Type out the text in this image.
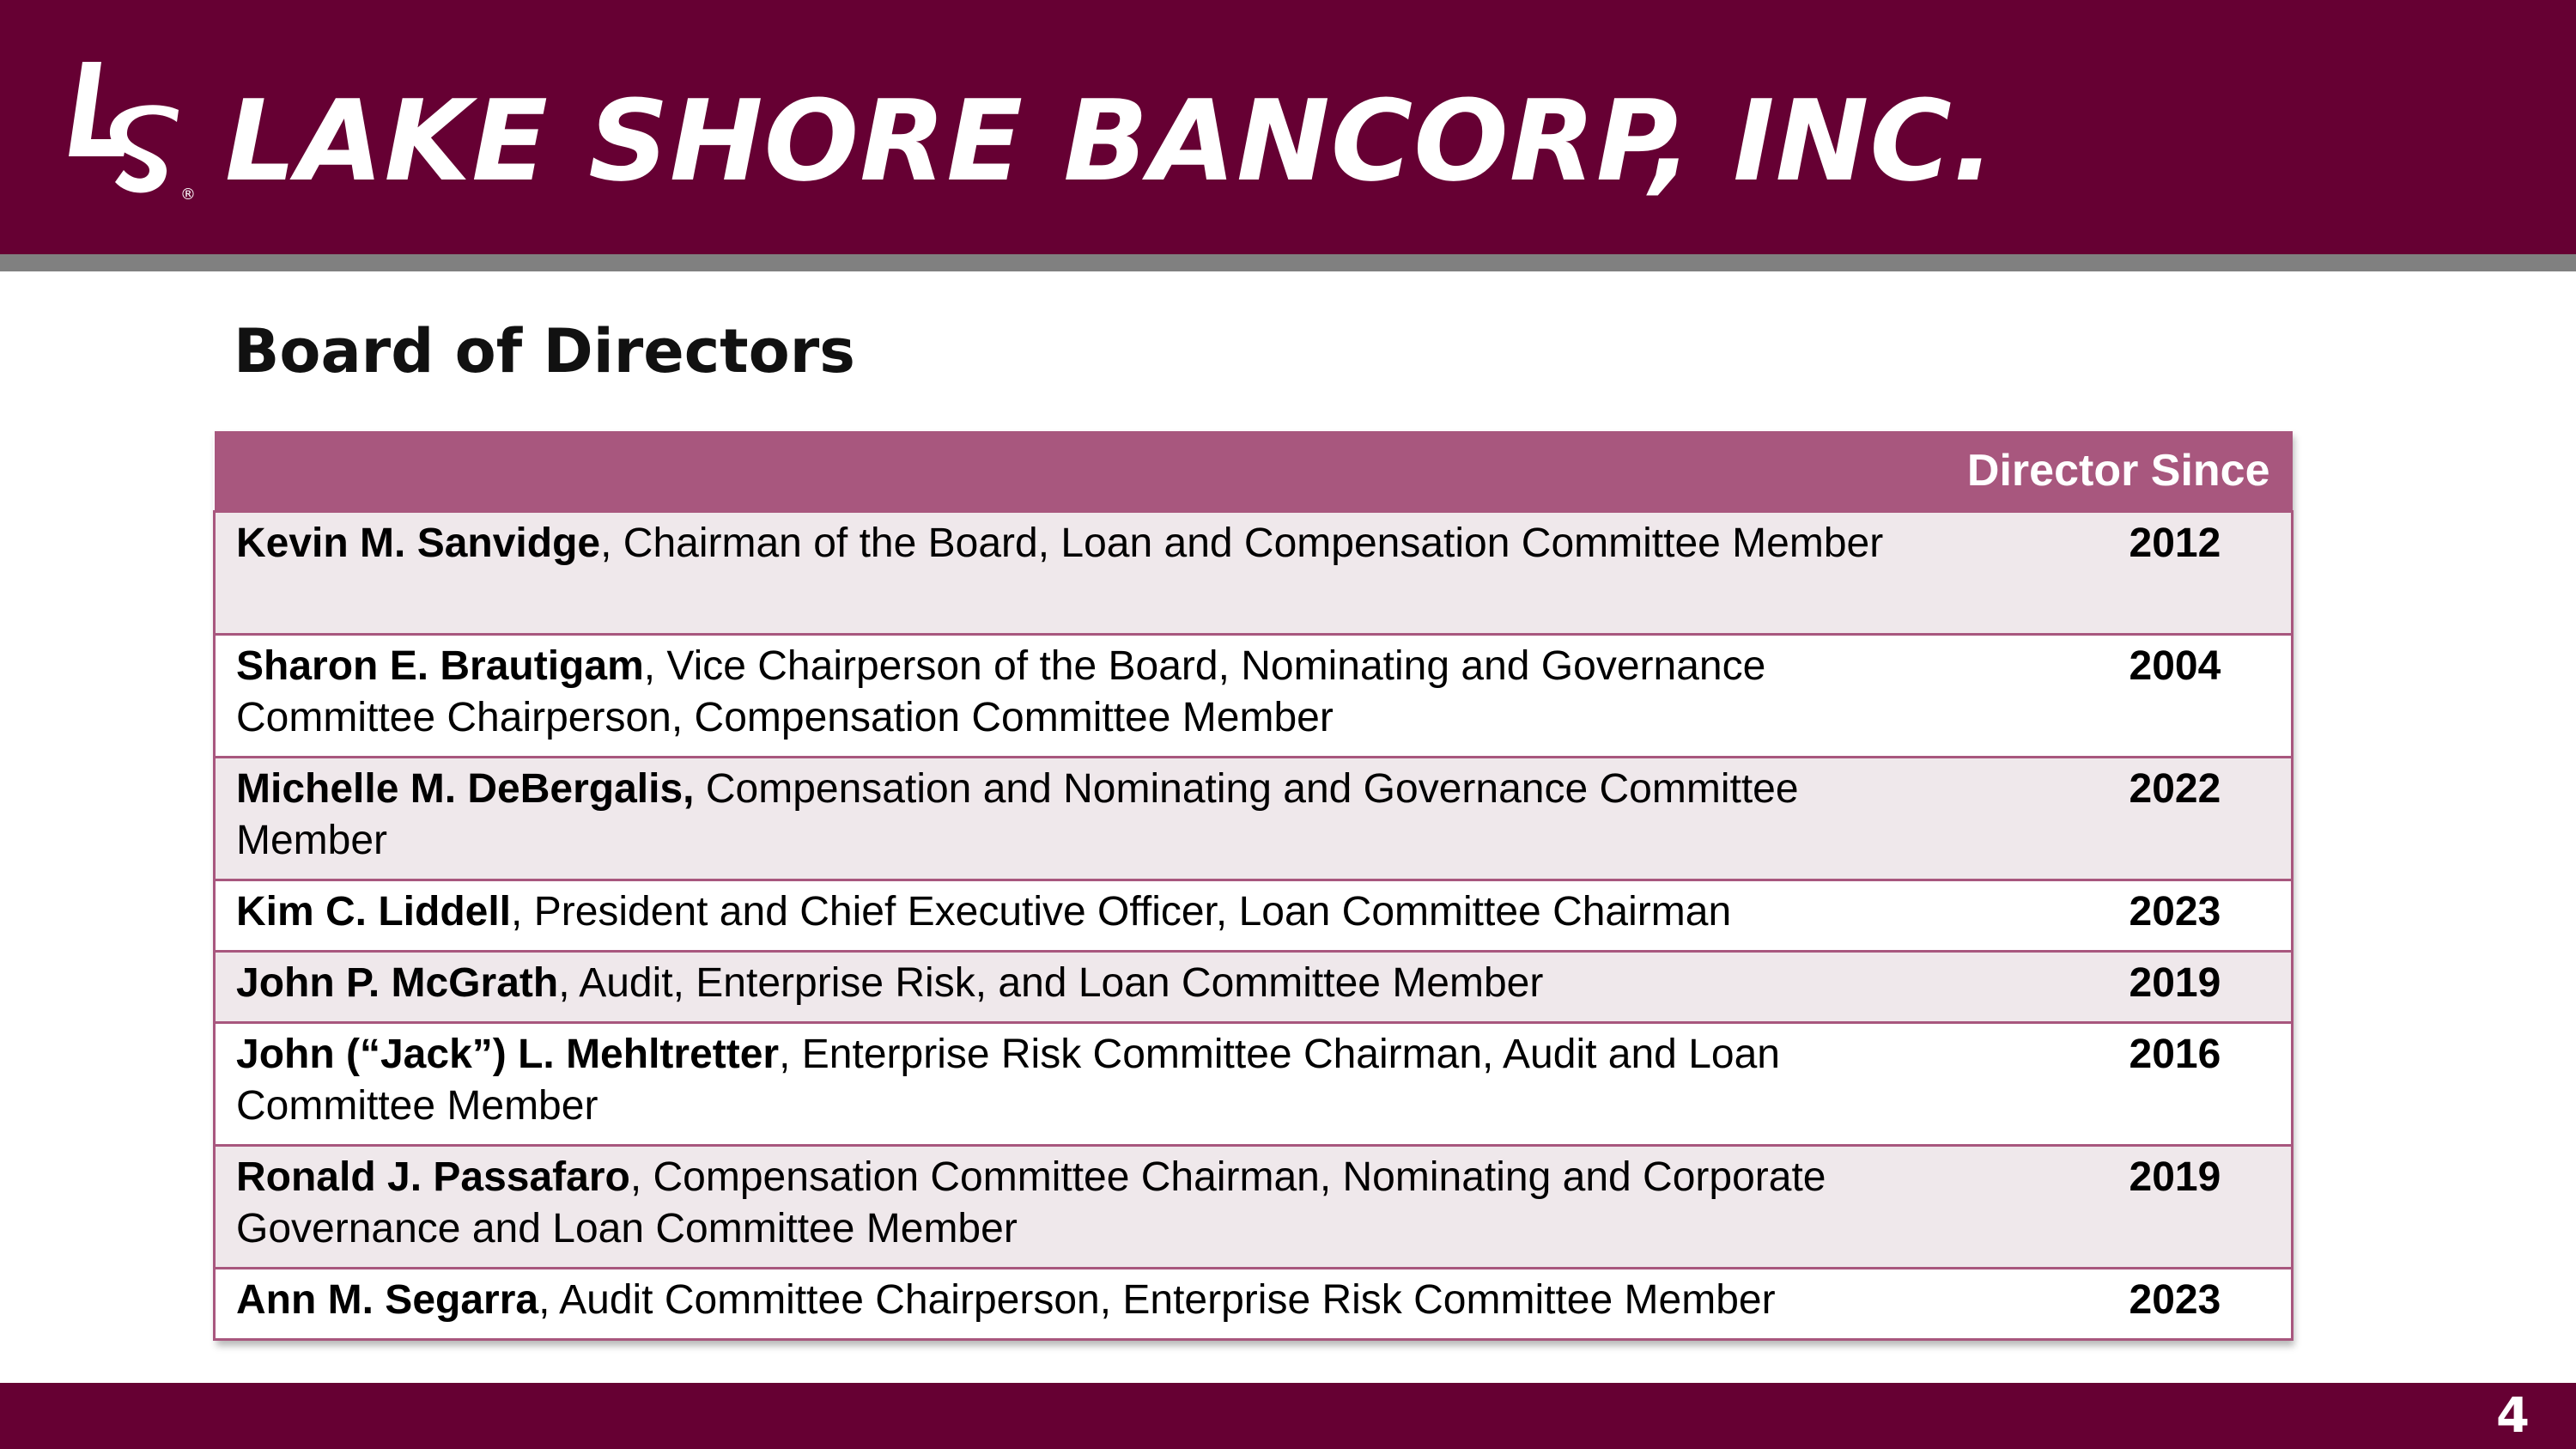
® LAKE SHORE BANCORP, INC.
Board of Directors
	Director Since
Kevin M. Sanvidge, Chairman of the Board, Loan and Compensation Committee Member	2012
Sharon E. Brautigam, Vice Chairperson of the Board, Nominating and Governance Committee Chairperson, Compensation Committee Member	2004
Michelle M. DeBergalis, Compensation and Nominating and Governance Committee Member	2022
Kim C. Liddell, President and Chief Executive Officer, Loan Committee Chairman	2023
John P. McGrath, Audit, Enterprise Risk, and Loan Committee Member	2019
John (“Jack”) L. Mehltretter, Enterprise Risk Committee Chairman, Audit and Loan Committee Member	2016
Ronald J. Passafaro, Compensation Committee Chairman, Nominating and Corporate Governance and Loan Committee Member	2019
Ann M. Segarra, Audit Committee Chairperson, Enterprise Risk Committee Member	2023
4
